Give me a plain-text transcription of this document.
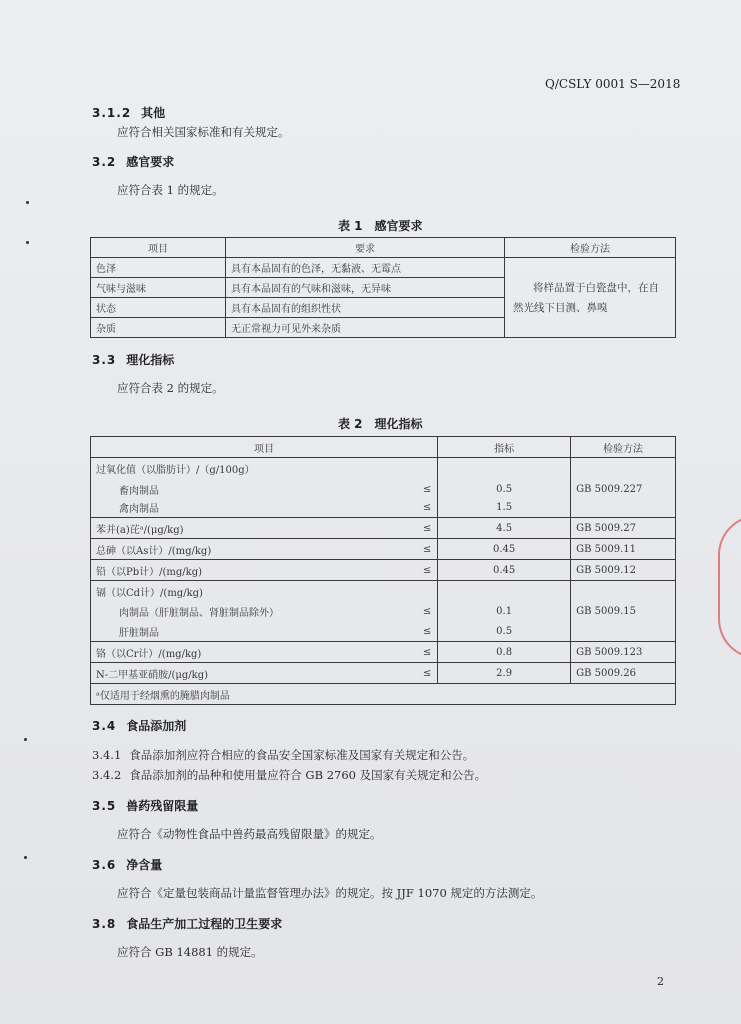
Q/CSLY 0001 S—2018
3.1.2 其他
应符合相关国家标准和有关规定。
3.2 感官要求
应符合表 1 的规定。
表 1　感官要求
项目	要求	检验方法
色泽	具有本品固有的色泽，无黏液、无霉点	将样品置于白瓷盘中，在自
然光线下目测、鼻嗅

气味与滋味	具有本品固有的气味和滋味，无异味	
状态	具有本品固有的组织性状	
杂质	无正常视力可见外来杂质	
3.3 理化指标
应符合表 2 的规定。
表 2　理化指标
项目		指标	检验方法
过氧化值（以脂肪计）/（g/100g）			
畜肉制品	≤	0.5	GB 5009.227
禽肉制品	≤	1.5	
苯并(a)芘ᵃ/(μg/kg)	≤	4.5	GB 5009.27
总砷（以As计）/(mg/kg)	≤	0.45	GB 5009.11
铅（以Pb计）/(mg/kg)	≤	0.45	GB 5009.12
镉（以Cd计）/(mg/kg)			
肉制品（肝脏制品、肾脏制品除外）	≤	0.1	GB 5009.15
肝脏制品	≤	0.5	
铬（以Cr计）/(mg/kg)	≤	0.8	GB 5009.123
N-二甲基亚硝胺/(μg/kg)	≤	2.9	GB 5009.26
ᵃ仅适用于经烟熏的腌腊肉制品			
3.4 食品添加剂
3.4.1 食品添加剂应符合相应的食品安全国家标准及国家有关规定和公告。
3.4.2 食品添加剂的品种和使用量应符合 GB 2760 及国家有关规定和公告。
3.5 兽药残留限量
应符合《动物性食品中兽药最高残留限量》的规定。
3.6 净含量
应符合《定量包装商品计量监督管理办法》的规定。按 JJF 1070 规定的方法测定。
3.8 食品生产加工过程的卫生要求
应符合 GB 14881 的规定。
2
